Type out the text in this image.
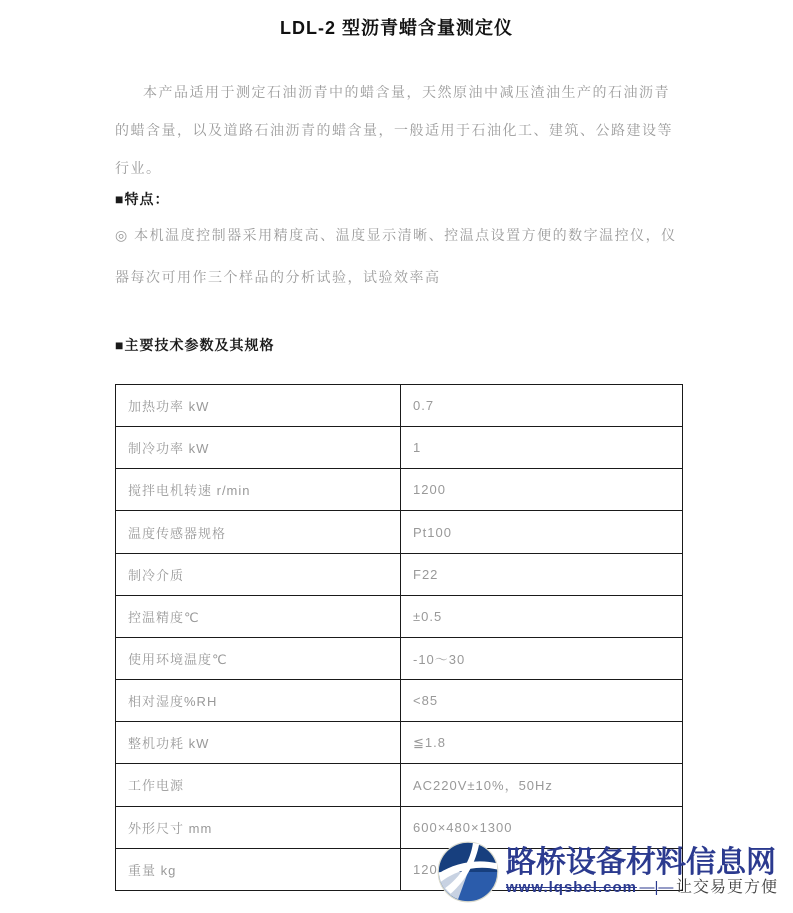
LDL-2 型沥青蜡含量测定仪

本产品适用于测定石油沥青中的蜡含量，天然原油中减压渣油生产的石油沥青的蜡含量，以及道路石油沥青的蜡含量，一般适用于石油化工、建筑、公路建设等行业。

■特点：

◎ 本机温度控制器采用精度高、温度显示清晰、控温点设置方便的数字温控仪，仪器每次可用作三个样品的分析试验，试验效率高

■主要技术参数及其规格
加热功率 kW	0.7
制冷功率 kW	1
搅拌电机转速 r/min	1200
温度传感器规格	Pt100
制冷介质	F22
控温精度℃	±0.5
使用环境温度℃	-10～30
相对湿度%RH	<85
整机功耗 kW	≦1.8
工作电源	AC220V±10%，50Hz
外形尺寸 mm	600×480×1300
重量 kg	120 路桥设备材料信息网
www.lqsbcl.com —|— 让交易更方便
